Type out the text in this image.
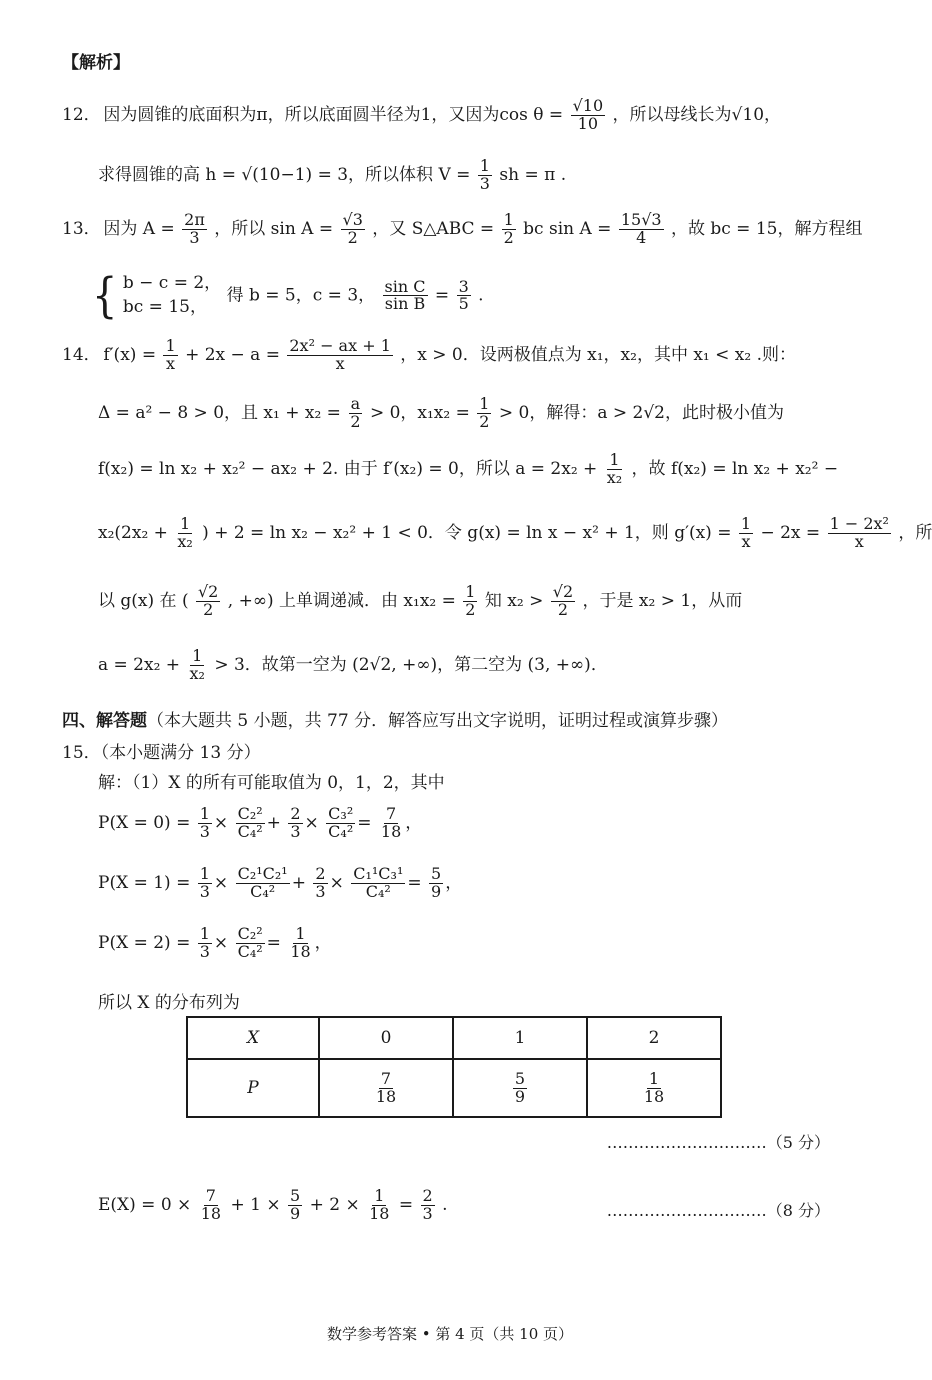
【解析】
12． 因为圆锥的底面积为π，所以底面圆半径为1，又因为$\cos \theta = \frac{√10}{10}$ ，所以母线长为√10，
求得圆锥的高 h = √(10−1) = 3，所以体积 $V = \frac{1}{3}$ sh = π .
13． 因为 $A = \frac{2\pi}{3}$ ，所以 $\sin A = \frac{√3}{2}$ ，又 S△ABC = $\frac{1}{2}$ bc $\sin A = \frac{15√3}{4}$ ，故 bc = 15，解方程组
{ b − c = 2，
bc = 15，
得 b = 5，c = 3， $\frac{\text{sin C}}{\text{sin B}} = \frac{3}{5}$ .
14． $f'(x) = \frac{1}{x} + 2x - a = \frac{\text{2x² − ax + 1}}{x}$ ，x > 0．设两极值点为 x₁，x₂，其中 x₁ < x₂ .则：
Δ = a² − 8 > 0，且 $x_1 + x_2 = \frac{a}{2} > 0$，$x_1x_2 = \frac{1}{2} > 0$，解得：a > 2√2，此时极小值为
f(x₂) = ln x₂ + x₂² − ax₂ + 2. 由于 f′(x₂) = 0，所以 $a = 2x_2 + \frac{1}{\text{x₂}}$ ，故 f(x₂) = ln x₂ + x₂² −
$x_2(2x_2 + \frac{1}{\text{x₂}}$ ) + 2 = ln x₂ − x₂² + 1 < 0．令 g(x) = ln x − x² + 1，则 $g'(x) = \frac{1}{x} - 2x = \frac{\text{1 − 2x²}}{x}$ ，所
以 g(x) 在 ( $\frac{√2}{2}$ , +∞) 上单调递减．由 $x_1x_2 = \frac{1}{2}$ 知 $x_2 > \frac{√2}{2}$ ，于是 x₂ > 1，从而
$a = 2x_2 + \frac{1}{\text{x₂}} > 3$．故第一空为 (2√2, +∞)，第二空为 (3, +∞)．
四、解答题（本大题共 5 小题，共 77 分．解答应写出文字说明，证明过程或演算步骤）
15．（本小题满分 13 分）
解：（1）X 的所有可能取值为 0，1，2，其中
$P(X = 0) = \frac{1}{3} \times \frac{\text{C₂²}}{\text{C₄²}} + \frac{2}{3} \times \frac{\text{C₃²}}{\text{C₄²}} = \frac{7}{18}$ ，
$P(X = 1) = \frac{1}{3} \times \frac{\text{C₂¹C₂¹}}{\text{C₄²}} + \frac{2}{3} \times \frac{\text{C₁¹C₃¹}}{\text{C₄²}} = \frac{5}{9}$ ，
$P(X = 2) = \frac{1}{3} \times \frac{\text{C₂²}}{\text{C₄²}} = \frac{1}{18}$ ，
所以 X 的分布列为
X	0	1	2
P	$\frac{7}{18}$	$\frac{5}{9}$	$\frac{1}{18}$
…………………………（5 分）
$E(X) = 0 \times \frac{7}{18} + 1 \times \frac{5}{9} + 2 \times \frac{1}{18} = \frac{2}{3}$ .	…………………………（8 分）
数学参考答案 • 第 4 页（共 10 页）
